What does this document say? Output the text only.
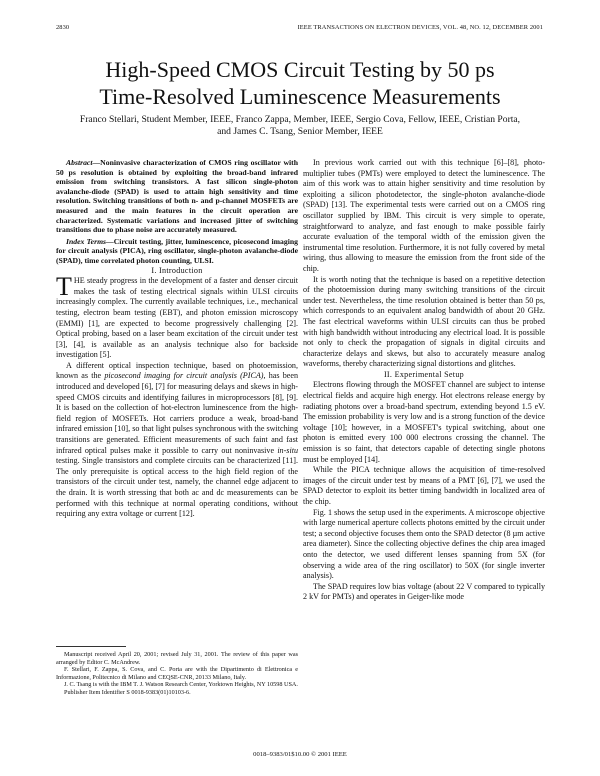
2830	IEEE TRANSACTIONS ON ELECTRON DEVICES, VOL. 48, NO. 12, DECEMBER 2001
High-Speed CMOS Circuit Testing by 50 ps
Time-Resolved Luminescence Measurements
Franco Stellari, Student Member, IEEE, Franco Zappa, Member, IEEE, Sergio Cova, Fellow, IEEE, Cristian Porta,
and James C. Tsang, Senior Member, IEEE

Abstract—Noninvasive characterization of CMOS ring oscillator with 50 ps resolution is obtained by exploiting the broad-band infrared emission from switching transistors. A fast silicon single-photon avalanche-diode (SPAD) is used to attain high sensitivity and time resolution. Switching transitions of both n- and p-channel MOSFETs are measured and the main features in the circuit operation are characterized. Systematic variations and increased jitter of switching transitions due to phase noise are accurately measured.

Index Terms—Circuit testing, jitter, luminescence, picosecond imaging for circuit analysis (PICA), ring oscillator, single-photon avalanche-diode (SPAD), time correlated photon counting, ULSI.

I. Introduction

THE steady progress in the development of a faster and denser circuit makes the task of testing electrical signals within ULSI circuits increasingly complex. The currently available techniques, i.e., mechanical testing, electron beam testing (EBT), and photon emission microscopy (EMMI) [1], are expected to become progressively challenging [2]. Optical probing, based on a laser beam excitation of the circuit under test [3], [4], is available as an analysis technique also for backside investigation [5].

A different optical inspection technique, based on photoemission, known as the picosecond imaging for circuit analysis (PICA), has been introduced and developed [6], [7] for measuring delays and skews in high-speed CMOS circuits and identifying failures in microprocessors [8], [9]. It is based on the collection of hot-electron luminescence from the high-field region of MOSFETs. Hot carriers produce a weak, broad-band infrared emission [10], so that light pulses synchronous with the switching transitions are generated. Efficient measurements of such faint and fast infrared optical pulses make it possible to carry out noninvasive in-situ testing. Single transistors and complete circuits can be characterized [11]. The only prerequisite is optical access to the high field region of the transistors of the circuit under test, namely, the channel edge adjacent to the drain. It is worth stressing that both ac and dc measurements can be performed with this technique at normal operating conditions, without requiring any extra voltage or current [12].

Manuscript received April 20, 2001; revised July 31, 2001. The review of this paper was arranged by Editor C. McAndrew.

F. Stellari, F. Zappa, S. Cova, and C. Porta are with the Dipartimento di Elettronica e Informazione, Politecnico di Milano and CEQSE-CNR, 20133 Milano, Italy.

J. C. Tsang is with the IBM T. J. Watson Research Center, Yorktown Heights, NY 10598 USA.

Publisher Item Identifier S 0018-9383(01)10103-6.

In previous work carried out with this technique [6]–[8], photo-multiplier tubes (PMTs) were employed to detect the luminescence. The aim of this work was to attain higher sensitivity and time resolution by exploiting a silicon photodetector, the single-photon avalanche-diode (SPAD) [13]. The experimental tests were carried out on a CMOS ring oscillator supplied by IBM. This circuit is very simple to operate, straightforward to analyze, and fast enough to make possible fairly accurate evaluation of the temporal width of the emission given the instrumental time resolution. Furthermore, it is not fully covered by metal wiring, thus allowing to measure the emission from the front side of the chip.

It is worth noting that the technique is based on a repetitive detection of the photoemission during many switching transitions of the circuit under test. Nevertheless, the time resolution obtained is better than 50 ps, which corresponds to an equivalent analog bandwidth of about 20 GHz. The fast electrical waveforms within ULSI circuits can thus be probed with high bandwidth without introducing any electrical load. It is possible not only to check the propagation of signals in digital circuits and characterize delays and skews, but also to accurately measure analog waveforms, thereby characterizing signal distortions and glitches.

II. Experimental Setup

Electrons flowing through the MOSFET channel are subject to intense electrical fields and acquire high energy. Hot electrons release energy by radiating photons over a broad-band spectrum, extending beyond 1.5 eV. The emission probability is very low and is a strong function of the device voltage [10]; however, in a MOSFET's typical switching, about one photon is emitted every 100 000 electrons crossing the channel. The emission is so faint, that detectors capable of detecting single photons must be employed [14].

While the PICA technique allows the acquisition of time-resolved images of the circuit under test by means of a PMT [6], [7], we used the SPAD detector to exploit its better timing bandwidth in localized area of the chip.

Fig. 1 shows the setup used in the experiments. A microscope objective with large numerical aperture collects photons emitted by the circuit under test; a second objective focuses them onto the SPAD detector (8 µm active area diameter). Since the collecting objective defines the chip area imaged onto the detector, we used different lenses spanning from 5X (for observing a wide area of the ring oscillator) to 50X (for single inverter analysis).

The SPAD requires low bias voltage (about 22 V compared to typically 2 kV for PMTs) and operates in Geiger-like mode

0018–9383/01$10.00 © 2001 IEEE
